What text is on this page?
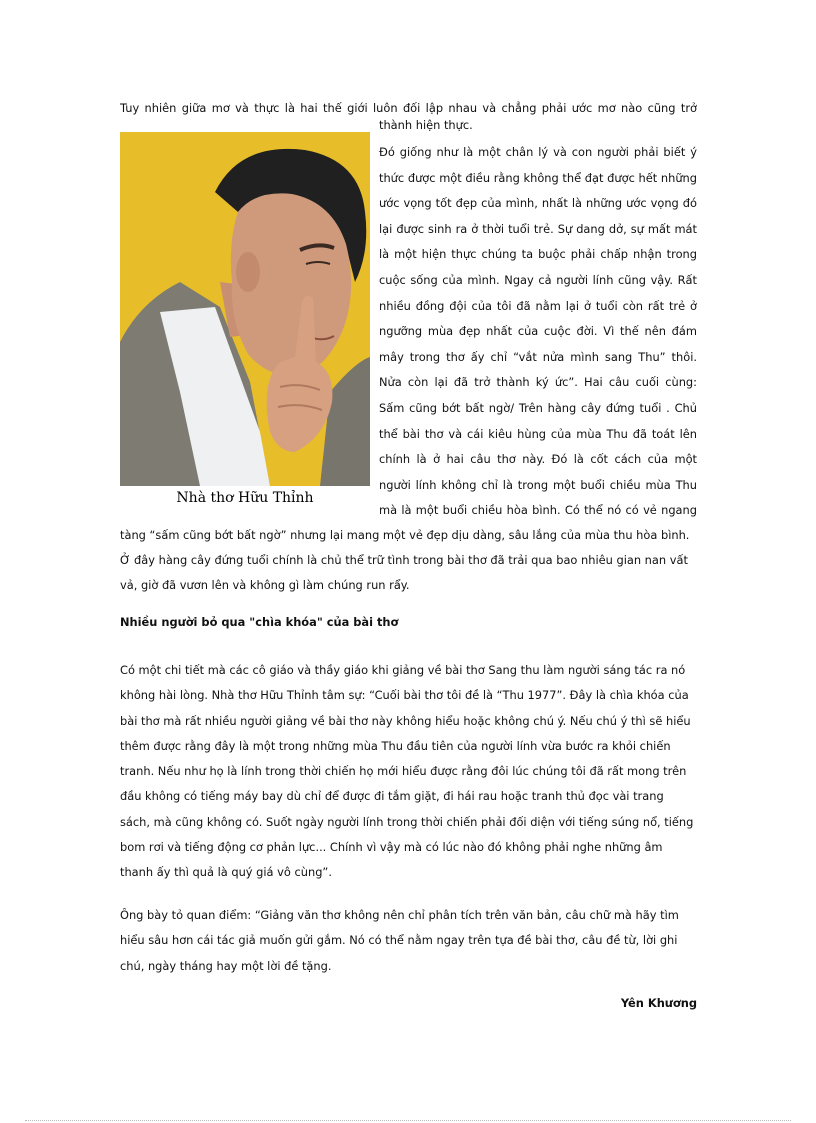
Tuy nhiên giữa mơ và thực là hai thế giới luôn đối lập nhau và chẳng phải ước mơ nào cũng trở

thành hiện thực.

Nhà thơ Hữu Thỉnh
Đó giống như là một chân lý và con người phải biết ý
thức được một điều rằng không thể đạt được hết những
ước vọng tốt đẹp của mình, nhất là những ước vọng đó
lại được sinh ra ở thời tuổi trẻ. Sự dang dở, sự mất mát
là một hiện thực chúng ta buộc phải chấp nhận trong
cuộc sống của mình. Ngay cả người lính cũng vậy. Rất
nhiều đồng đội của tôi đã nằm lại ở tuổi còn rất trẻ ở
ngưỡng mùa đẹp nhất của cuộc đời. Vì thế nên đám
mây trong thơ ấy chỉ “vắt nửa mình sang Thu” thôi.
Nửa còn lại đã trở thành ký ức”. Hai câu cuối cùng:
Sấm cũng bớt bất ngờ/ Trên hàng cây đứng tuổi . Chủ
thể bài thơ và cái kiêu hùng của mùa Thu đã toát lên
chính là ở hai câu thơ này. Đó là cốt cách của một
người lính không chỉ là trong một buổi chiều mùa Thu
mà là một buổi chiều hòa bình. Có thể nó có vẻ ngang
tàng “sấm cũng bớt bất ngờ” nhưng lại mang một vẻ đẹp dịu dàng, sâu lắng của mùa thu hòa bình.
Ở đây hàng cây đứng tuổi chính là chủ thể trữ tình trong bài thơ đã trải qua bao nhiêu gian nan vất
vả, giờ đã vươn lên và không gì làm chúng run rẩy.
Nhiều người bỏ qua "chìa khóa" của bài thơ
Có một chi tiết mà các cô giáo và thầy giáo khi giảng về bài thơ Sang thu làm người sáng tác ra nó
không hài lòng. Nhà thơ Hữu Thỉnh tâm sự: “Cuối bài thơ tôi đề là “Thu 1977”. Đây là chìa khóa của
bài thơ mà rất nhiều người giảng về bài thơ này không hiểu hoặc không chú ý. Nếu chú ý thì sẽ hiểu
thêm được rằng đây là một trong những mùa Thu đầu tiên của người lính vừa bước ra khỏi chiến
tranh. Nếu như họ là lính trong thời chiến họ mới hiểu được rằng đôi lúc chúng tôi đã rất mong trên
đầu không có tiếng máy bay dù chỉ để được đi tắm giặt, đi hái rau hoặc tranh thủ đọc vài trang
sách, mà cũng không có. Suốt ngày người lính trong thời chiến phải đối diện với tiếng súng nổ, tiếng
bom rơi và tiếng động cơ phản lực... Chính vì vậy mà có lúc nào đó không phải nghe những âm
thanh ấy thì quả là quý giá vô cùng”.
Ông bày tỏ quan điểm: “Giảng văn thơ không nên chỉ phân tích trên văn bản, câu chữ mà hãy tìm
hiểu sâu hơn cái tác giả muốn gửi gắm. Nó có thể nằm ngay trên tựa đề bài thơ, câu đề từ, lời ghi
chú, ngày tháng hay một lời đề tặng.
Yên Khương
